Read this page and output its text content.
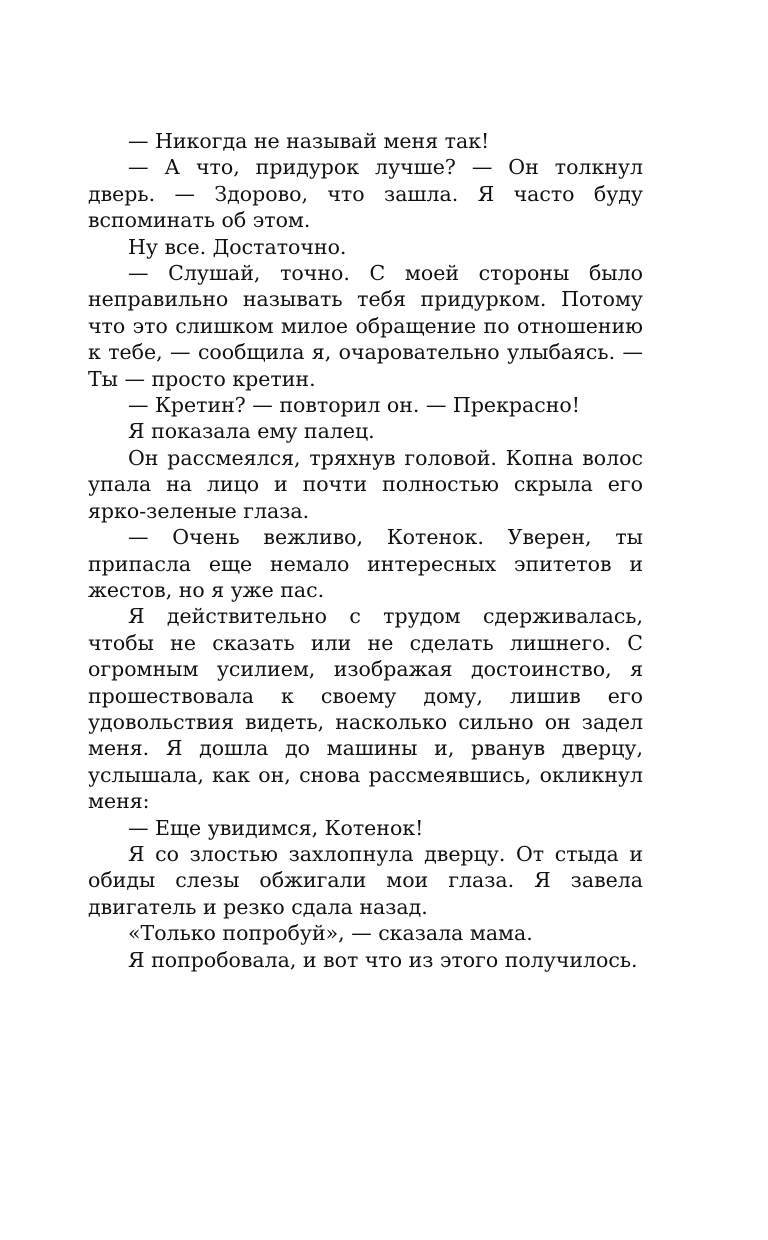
— Никогда не называй меня так!

— А что, придурок лучше? — Он толкнул дверь. — Здорово, что зашла. Я часто буду вспоминать об этом.

Ну все. Достаточно.

— Слушай, точно. С моей стороны было неправильно называть тебя придурком. Потому что это слишком милое обращение по отношению к тебе, — сообщила я, очаровательно улыбаясь. — Ты — просто кретин.

— Кретин? — повторил он. — Прекрасно!

Я показала ему палец.

Он рассмеялся, тряхнув головой. Копна волос упала на лицо и почти полностью скрыла его ярко-зеленые глаза.

— Очень вежливо, Котенок. Уверен, ты припасла еще немало интересных эпитетов и жестов, но я уже пас.

Я действительно с трудом сдерживалась, чтобы не сказать или не сделать лишнего. С огромным усилием, изображая достоинство, я прошествовала к своему дому, лишив его удовольствия видеть, насколько сильно он задел меня. Я дошла до машины и, рванув дверцу, услышала, как он, снова рассмеявшись, окликнул меня:

— Еще увидимся, Котенок!

Я со злостью захлопнула дверцу. От стыда и обиды слезы обжигали мои глаза. Я завела двигатель и резко сдала назад.

«Только попробуй», — сказала мама.

Я попробовала, и вот что из этого получилось.
